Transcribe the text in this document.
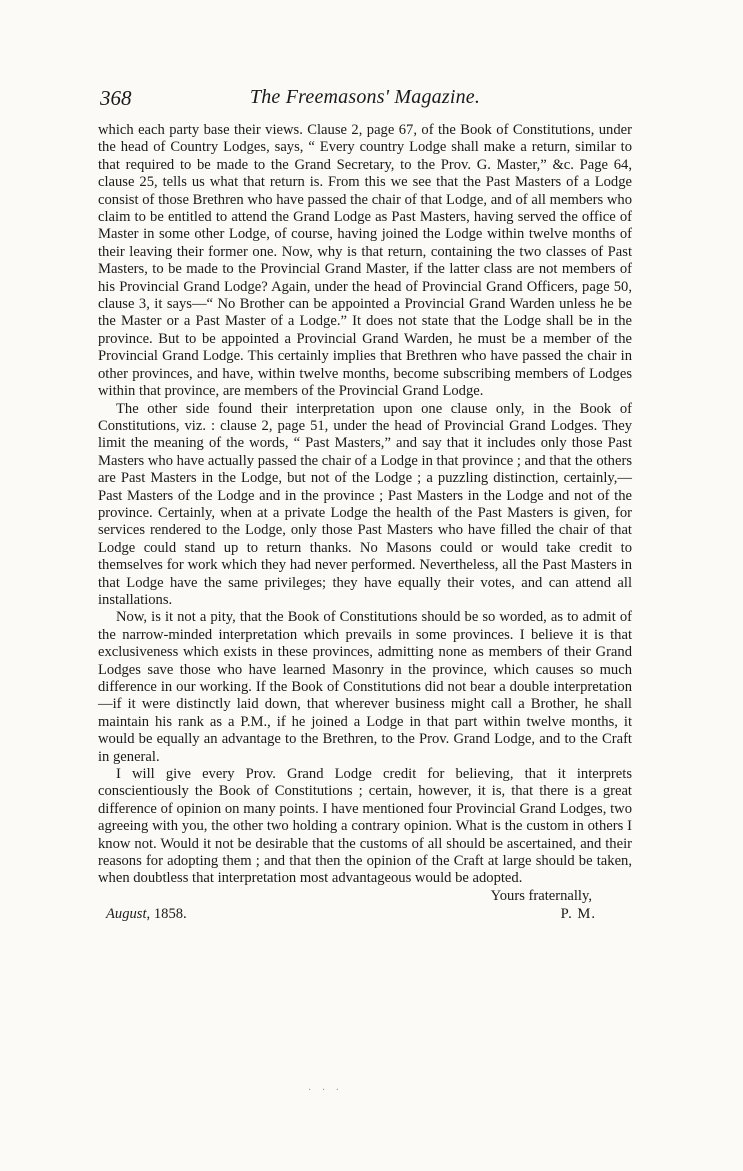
368	The Freemasons' Magazine.

which each party base their views. Clause 2, page 67, of the Book of Constitutions, under the head of Country Lodges, says, “ Every country Lodge shall make a return, similar to that required to be made to the Grand Secretary, to the Prov. G. Master,” &c. Page 64, clause 25, tells us what that return is. From this we see that the Past Masters of a Lodge consist of those Brethren who have passed the chair of that Lodge, and of all members who claim to be entitled to attend the Grand Lodge as Past Masters, having served the office of Master in some other Lodge, of course, having joined the Lodge within twelve months of their leaving their former one. Now, why is that return, containing the two classes of Past Masters, to be made to the Provincial Grand Master, if the latter class are not members of his Provincial Grand Lodge? Again, under the head of Provincial Grand Officers, page 50, clause 3, it says—“ No Brother can be appointed a Provincial Grand Warden unless he be the Master or a Past Master of a Lodge.” It does not state that the Lodge shall be in the province. But to be appointed a Provincial Grand Warden, he must be a member of the Provincial Grand Lodge. This certainly implies that Brethren who have passed the chair in other provinces, and have, within twelve months, become subscribing members of Lodges within that province, are members of the Provincial Grand Lodge.

The other side found their interpretation upon one clause only, in the Book of Constitutions, viz. : clause 2, page 51, under the head of Provincial Grand Lodges. They limit the meaning of the words, “ Past Masters,” and say that it includes only those Past Masters who have actually passed the chair of a Lodge in that province ; and that the others are Past Masters in the Lodge, but not of the Lodge ; a puzzling distinction, certainly,—Past Masters of the Lodge and in the province ; Past Masters in the Lodge and not of the province. Certainly, when at a private Lodge the health of the Past Masters is given, for services rendered to the Lodge, only those Past Masters who have filled the chair of that Lodge could stand up to return thanks. No Masons could or would take credit to themselves for work which they had never performed. Nevertheless, all the Past Masters in that Lodge have the same privileges; they have equally their votes, and can attend all installations.

Now, is it not a pity, that the Book of Constitutions should be so worded, as to admit of the narrow-minded interpretation which prevails in some provinces. I believe it is that exclusiveness which exists in these provinces, admitting none as members of their Grand Lodges save those who have learned Masonry in the province, which causes so much difference in our working. If the Book of Constitutions did not bear a double interpretation —if it were distinctly laid down, that wherever business might call a Brother, he shall maintain his rank as a P.M., if he joined a Lodge in that part within twelve months, it would be equally an advantage to the Brethren, to the Prov. Grand Lodge, and to the Craft in general.

I will give every Prov. Grand Lodge credit for believing, that it interprets conscientiously the Book of Constitutions ; certain, however, it is, that there is a great difference of opinion on many points. I have mentioned four Provincial Grand Lodges, two agreeing with you, the other two holding a contrary opinion. What is the custom in others I know not. Would it not be desirable that the customs of all should be ascertained, and their reasons for adopting them ; and that then the opinion of the Craft at large should be taken, when doubtless that interpretation most advantageous would be adopted.

Yours fraternally,
August, 1858.	P. M.
· · ·
